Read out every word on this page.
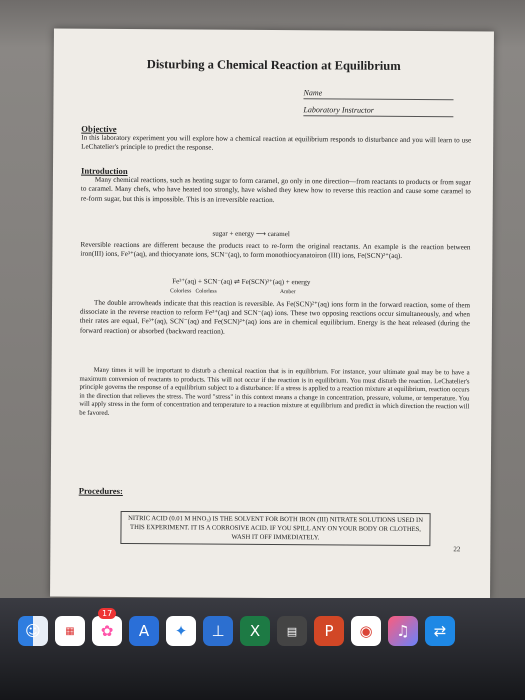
Disturbing a Chemical Reaction at Equilibrium
Name
Laboratory Instructor
Objective
In this laboratory experiment you will explore how a chemical reaction at equilibrium responds to disturbance and you will learn to use LeChatelier's principle to predict the response.
Introduction
Many chemical reactions, such as heating sugar to form caramel, go only in one direction—from reactants to products or from sugar to caramel. Many chefs, who have heated too strongly, have wished they knew how to reverse this reaction and cause some caramel to re-form sugar, but this is impossible. This is an irreversible reaction.
sugar + energy ⟶ caramel
Reversible reactions are different because the products react to re-form the original reactants. An example is the reaction between iron(III) ions, Fe³⁺(aq), and thiocyanate ions, SCN⁻(aq), to form monothiocyanatoiron (III) ions, Fe(SCN)²⁺(aq).
Fe³⁺(aq) + SCN⁻(aq) ⇌ Fe(SCN)²⁺(aq) + energy
Colorless Colorless	Amber
The double arrowheads indicate that this reaction is reversible. As Fe(SCN)²⁺(aq) ions form in the forward reaction, some of them dissociate in the reverse reaction to reform Fe³⁺(aq) and SCN⁻(aq) ions. These two opposing reactions occur simultaneously, and when their rates are equal, Fe³⁺(aq), SCN⁻(aq) and Fe(SCN)²⁺(aq) ions are in chemical equilibrium. Energy is the heat released (during the forward reaction) or absorbed (backward reaction).
Many times it will be important to disturb a chemical reaction that is in equilibrium. For instance, your ultimate goal may be to have a maximum conversion of reactants to products. This will not occur if the reaction is in equilibrium. You must disturb the reaction. LeChatelier's principle governs the response of a equilibrium subject to a disturbance: If a stress is applied to a reaction mixture at equilibrium, reaction occurs in the direction that relieves the stress. The word "stress" in this context means a change in concentration, pressure, volume, or temperature. You will apply stress in the form of concentration and temperature to a reaction mixture at equilibrium and predict in which direction the reaction will be favored.
Procedures:
NITRIC ACID (0.01 M HNO₃) IS THE SOLVENT FOR BOTH IRON (III) NITRATE SOLUTIONS USED IN THIS EXPERIMENT. IT IS A CORROSIVE ACID. IF YOU SPILL ANY ON YOUR BODY OR CLOTHES, WASH IT OFF IMMEDIATELY.
22
☺	▦	✿	A	✦	⊥	X	▤	P	◉	♫	⇄
17
